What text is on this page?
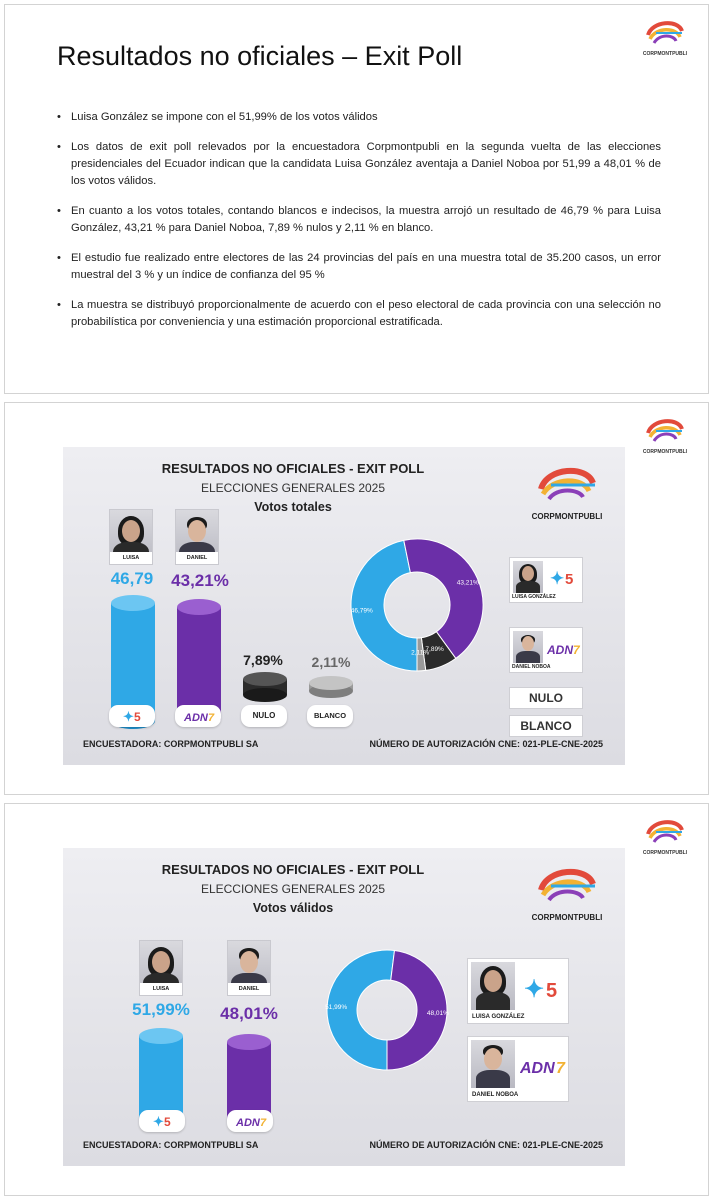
CORPMONTPUBLI
Resultados no oficiales – Exit Poll
• Luisa González se impone con el 51,99% de los votos válidos
• Los datos de exit poll relevados por la encuestadora Corpmontpubli en la segunda vuelta de las elecciones presidenciales del Ecuador indican que la candidata Luisa González aventaja a Daniel Noboa por 51,99 a 48,01 % de los votos válidos.
• En cuanto a los votos totales, contando blancos e indecisos, la muestra arrojó un resultado de 46,79 % para Luisa González, 43,21 % para Daniel Noboa, 7,89 % nulos y 2,11 % en blanco.
• El estudio fue realizado entre electores de las 24 provincias del país en una muestra total de 35.200 casos, un error muestral del 3 % y un índice de confianza del 95 %
• La muestra se distribuyó proporcionalmente de acuerdo con el peso electoral de cada provincia con una selección no probabilística por conveniencia y una estimación proporcional estratificada.
CORPMONTPUBLI
RESULTADOS NO OFICIALES - EXIT POLL
ELECCIONES GENERALES 2025
Votos totales
CORPMONTPUBLI
LUISA	DANIEL
46,79	43,21%
7,89%	2,11%
✦ 5	ADN 7	NULO	BLANCO
46,79%
43,21%
7,89%
2,11%
✦ 5
LUISA GONZÁLEZ
ADN 7
DANIEL NOBOA
NULO
BLANCO
ENCUESTADORA: CORPMONTPUBLI SA	NÚMERO DE AUTORIZACIÓN CNE: 021-PLE-CNE-2025
CORPMONTPUBLI
RESULTADOS NO OFICIALES - EXIT POLL
ELECCIONES GENERALES 2025
Votos válidos
CORPMONTPUBLI
LUISA	DANIEL
51,99%	48,01%
✦ 5	ADN 7
51,99%
48,01%
✦ 5
LUISA GONZÁLEZ
ADN 7
DANIEL NOBOA
ENCUESTADORA: CORPMONTPUBLI SA	NÚMERO DE AUTORIZACIÓN CNE: 021-PLE-CNE-2025
